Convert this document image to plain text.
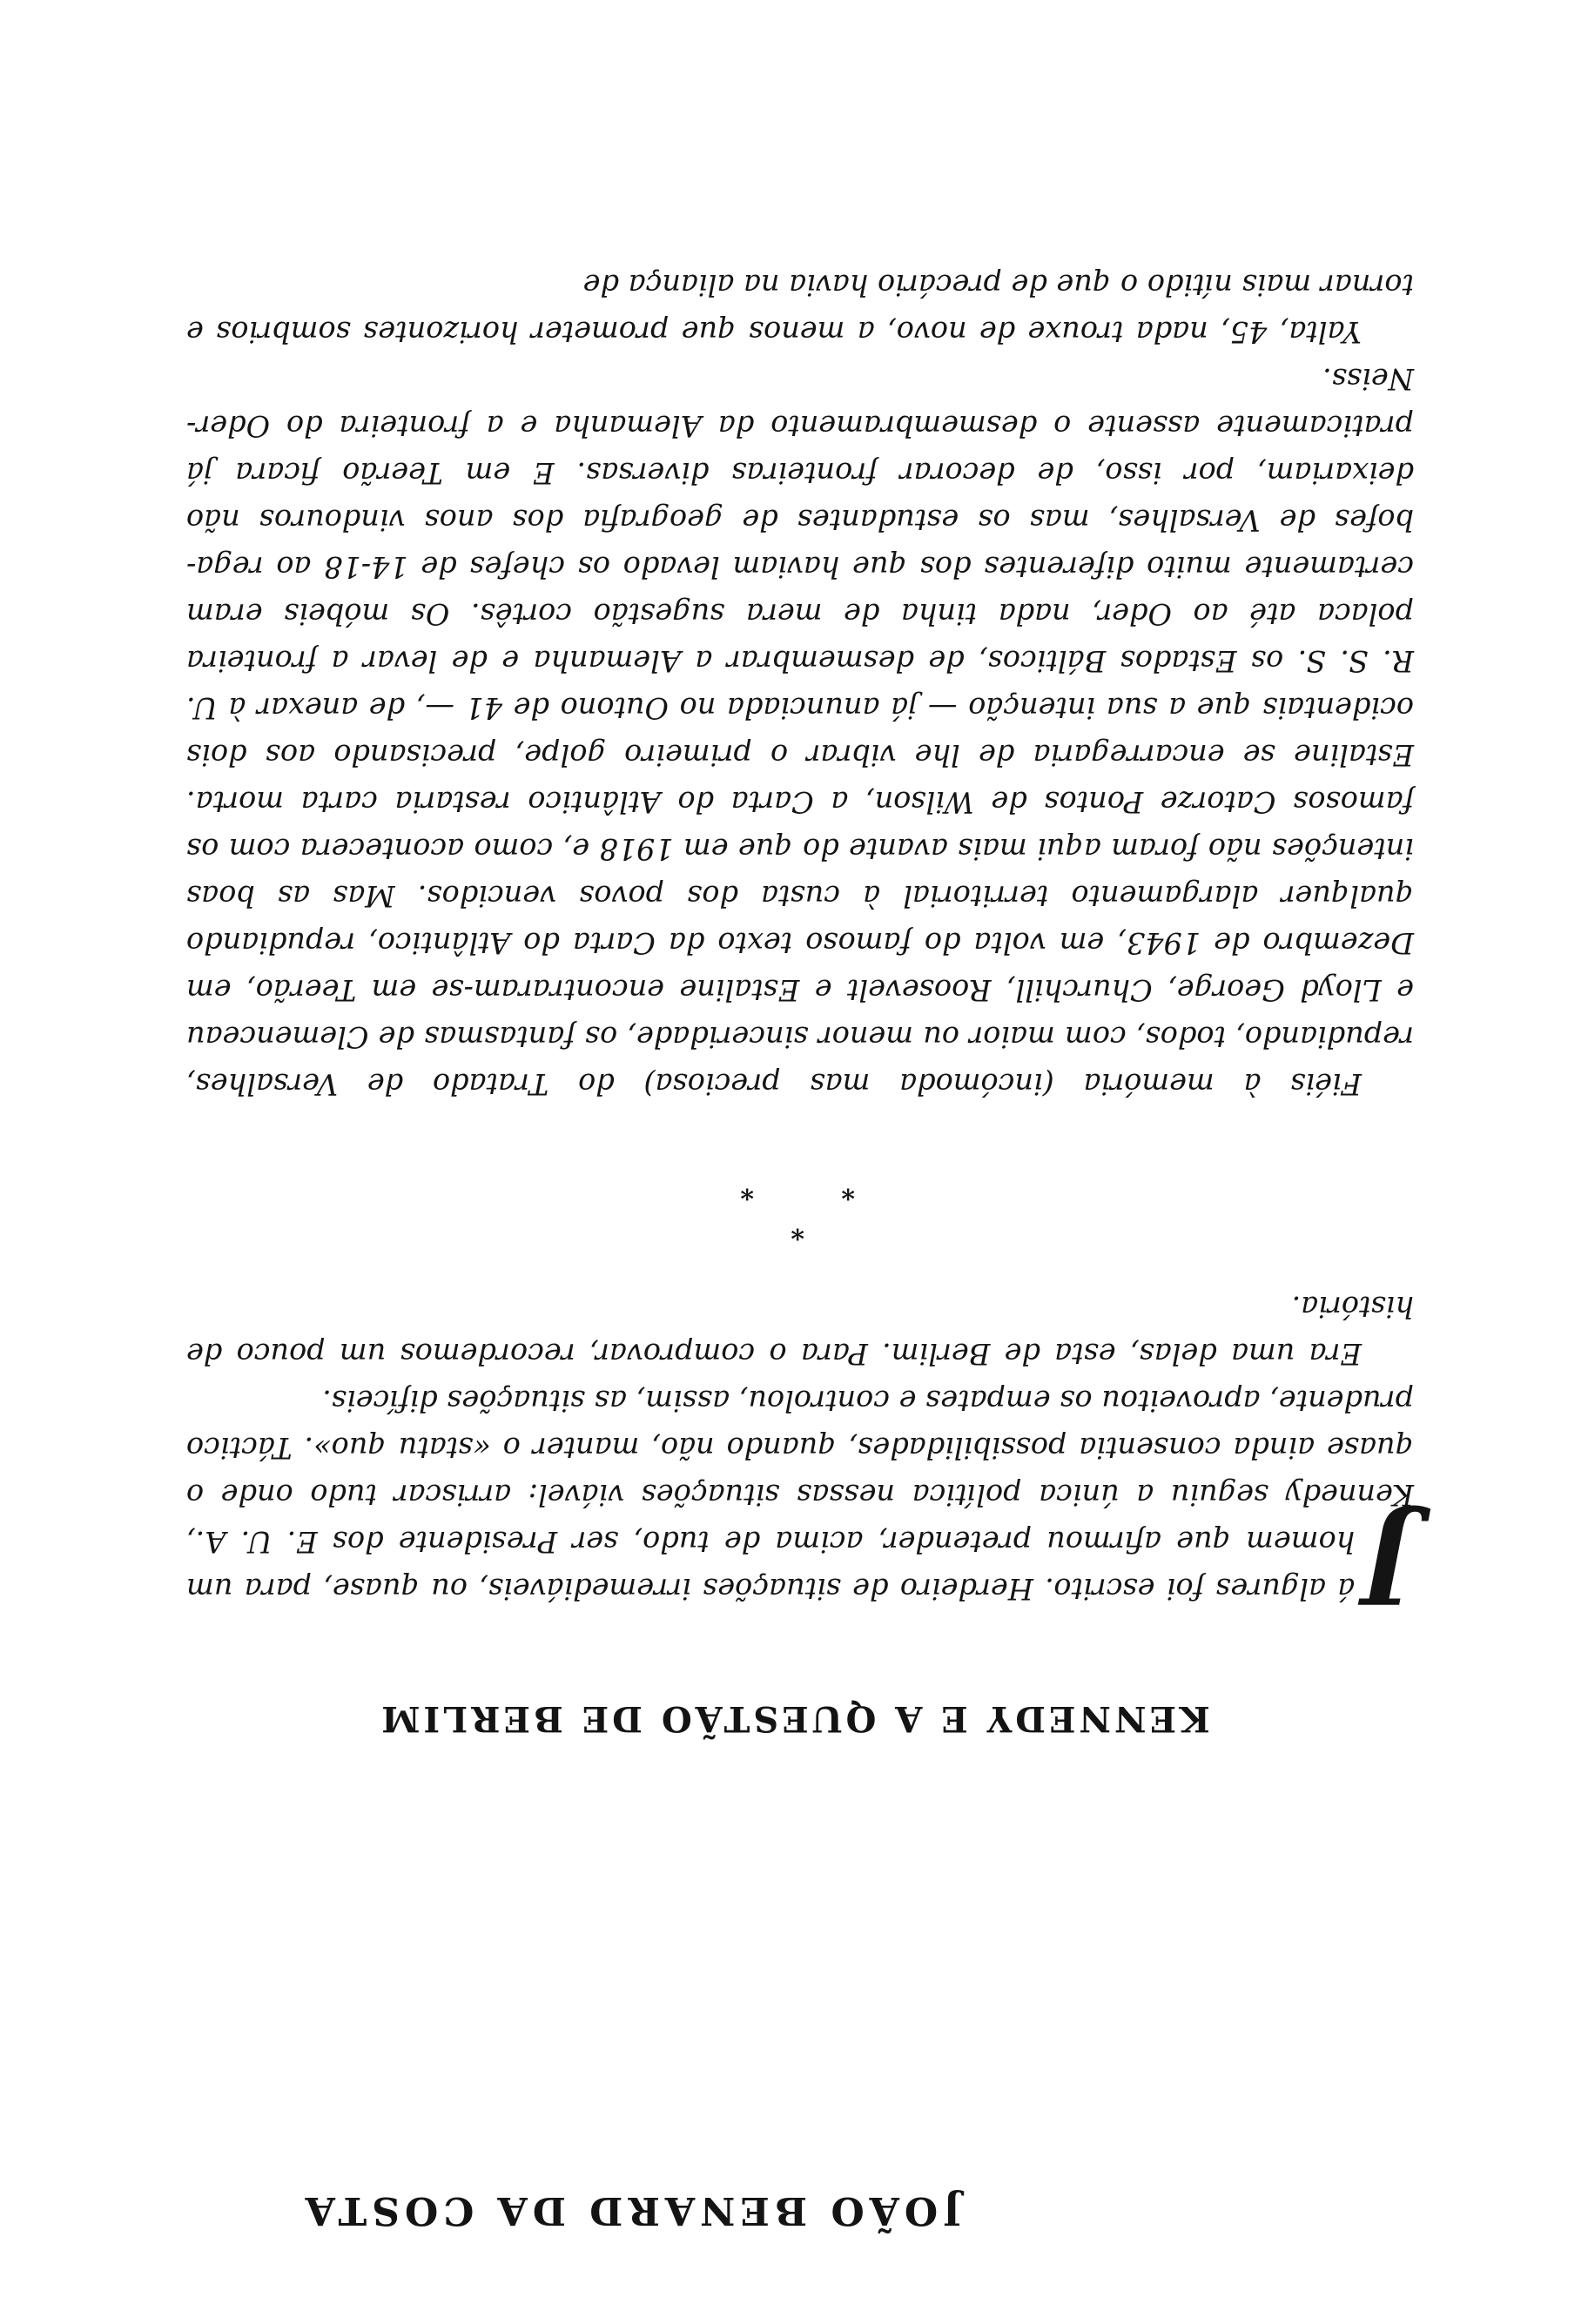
JOÃO BENARD DA COSTA
KENNEDY E A QUESTÃO DE BERLIM

J
á algures foi escrito. Herdeiro de situações irremediáveis, ou quase, para um homem que afirmou pretender, acima de tudo, ser Presidente dos E. U. A., Kennedy seguiu a única política nessas situações viável: arriscar tudo onde o quase ainda consentia possibilidades, quando não, manter o «statu quo». Táctico prudente, aproveitou os empates e controlou, assim, as situações difíceis.

Era uma delas, esta de Berlim. Para o comprovar, recordemos um pouco de história.

*
*
*

Fiéis à memória (incómoda mas preciosa) do Tratado de Versalhes, repudiando, todos, com maior ou menor sinceridade, os fantasmas de Clemenceau e Lloyd George, Churchill, Roosevelt e Estaline encontraram-se em Teerão, em Dezembro de 1943, em volta do famoso texto da Carta do Atlântico, repudiando qualquer alargamento territorial à custa dos povos vencidos. Mas as boas intenções não foram aqui mais avante do que em 1918 e, como acontecera com os famosos Catorze Pontos de Wilson, a Carta do Atlântico restaria carta morta. Estaline se encarregaria de lhe vibrar o primeiro golpe, precisando aos dois ocidentais que a sua intenção — já anunciada no Outono de 41 —, de anexar à U. R. S. S. os Estados Bálticos, de desmembrar a Alemanha e de levar a fronteira polaca até ao Oder, nada tinha de mera sugestão cortês. Os móbeis eram certamente muito diferentes dos que haviam levado os chefes de 14-18 ao rega-bofes de Versalhes, mas os estudantes de geografia dos anos vindouros não deixariam, por isso, de decorar fronteiras diversas. E em Teerão ficara já praticamente assente o desmembramento da Alemanha e a fronteira do Oder-Neiss.

Yalta, 45, nada trouxe de novo, a menos que prometer horizontes sombrios e tornar mais nítido o que de precário havia na aliança de
